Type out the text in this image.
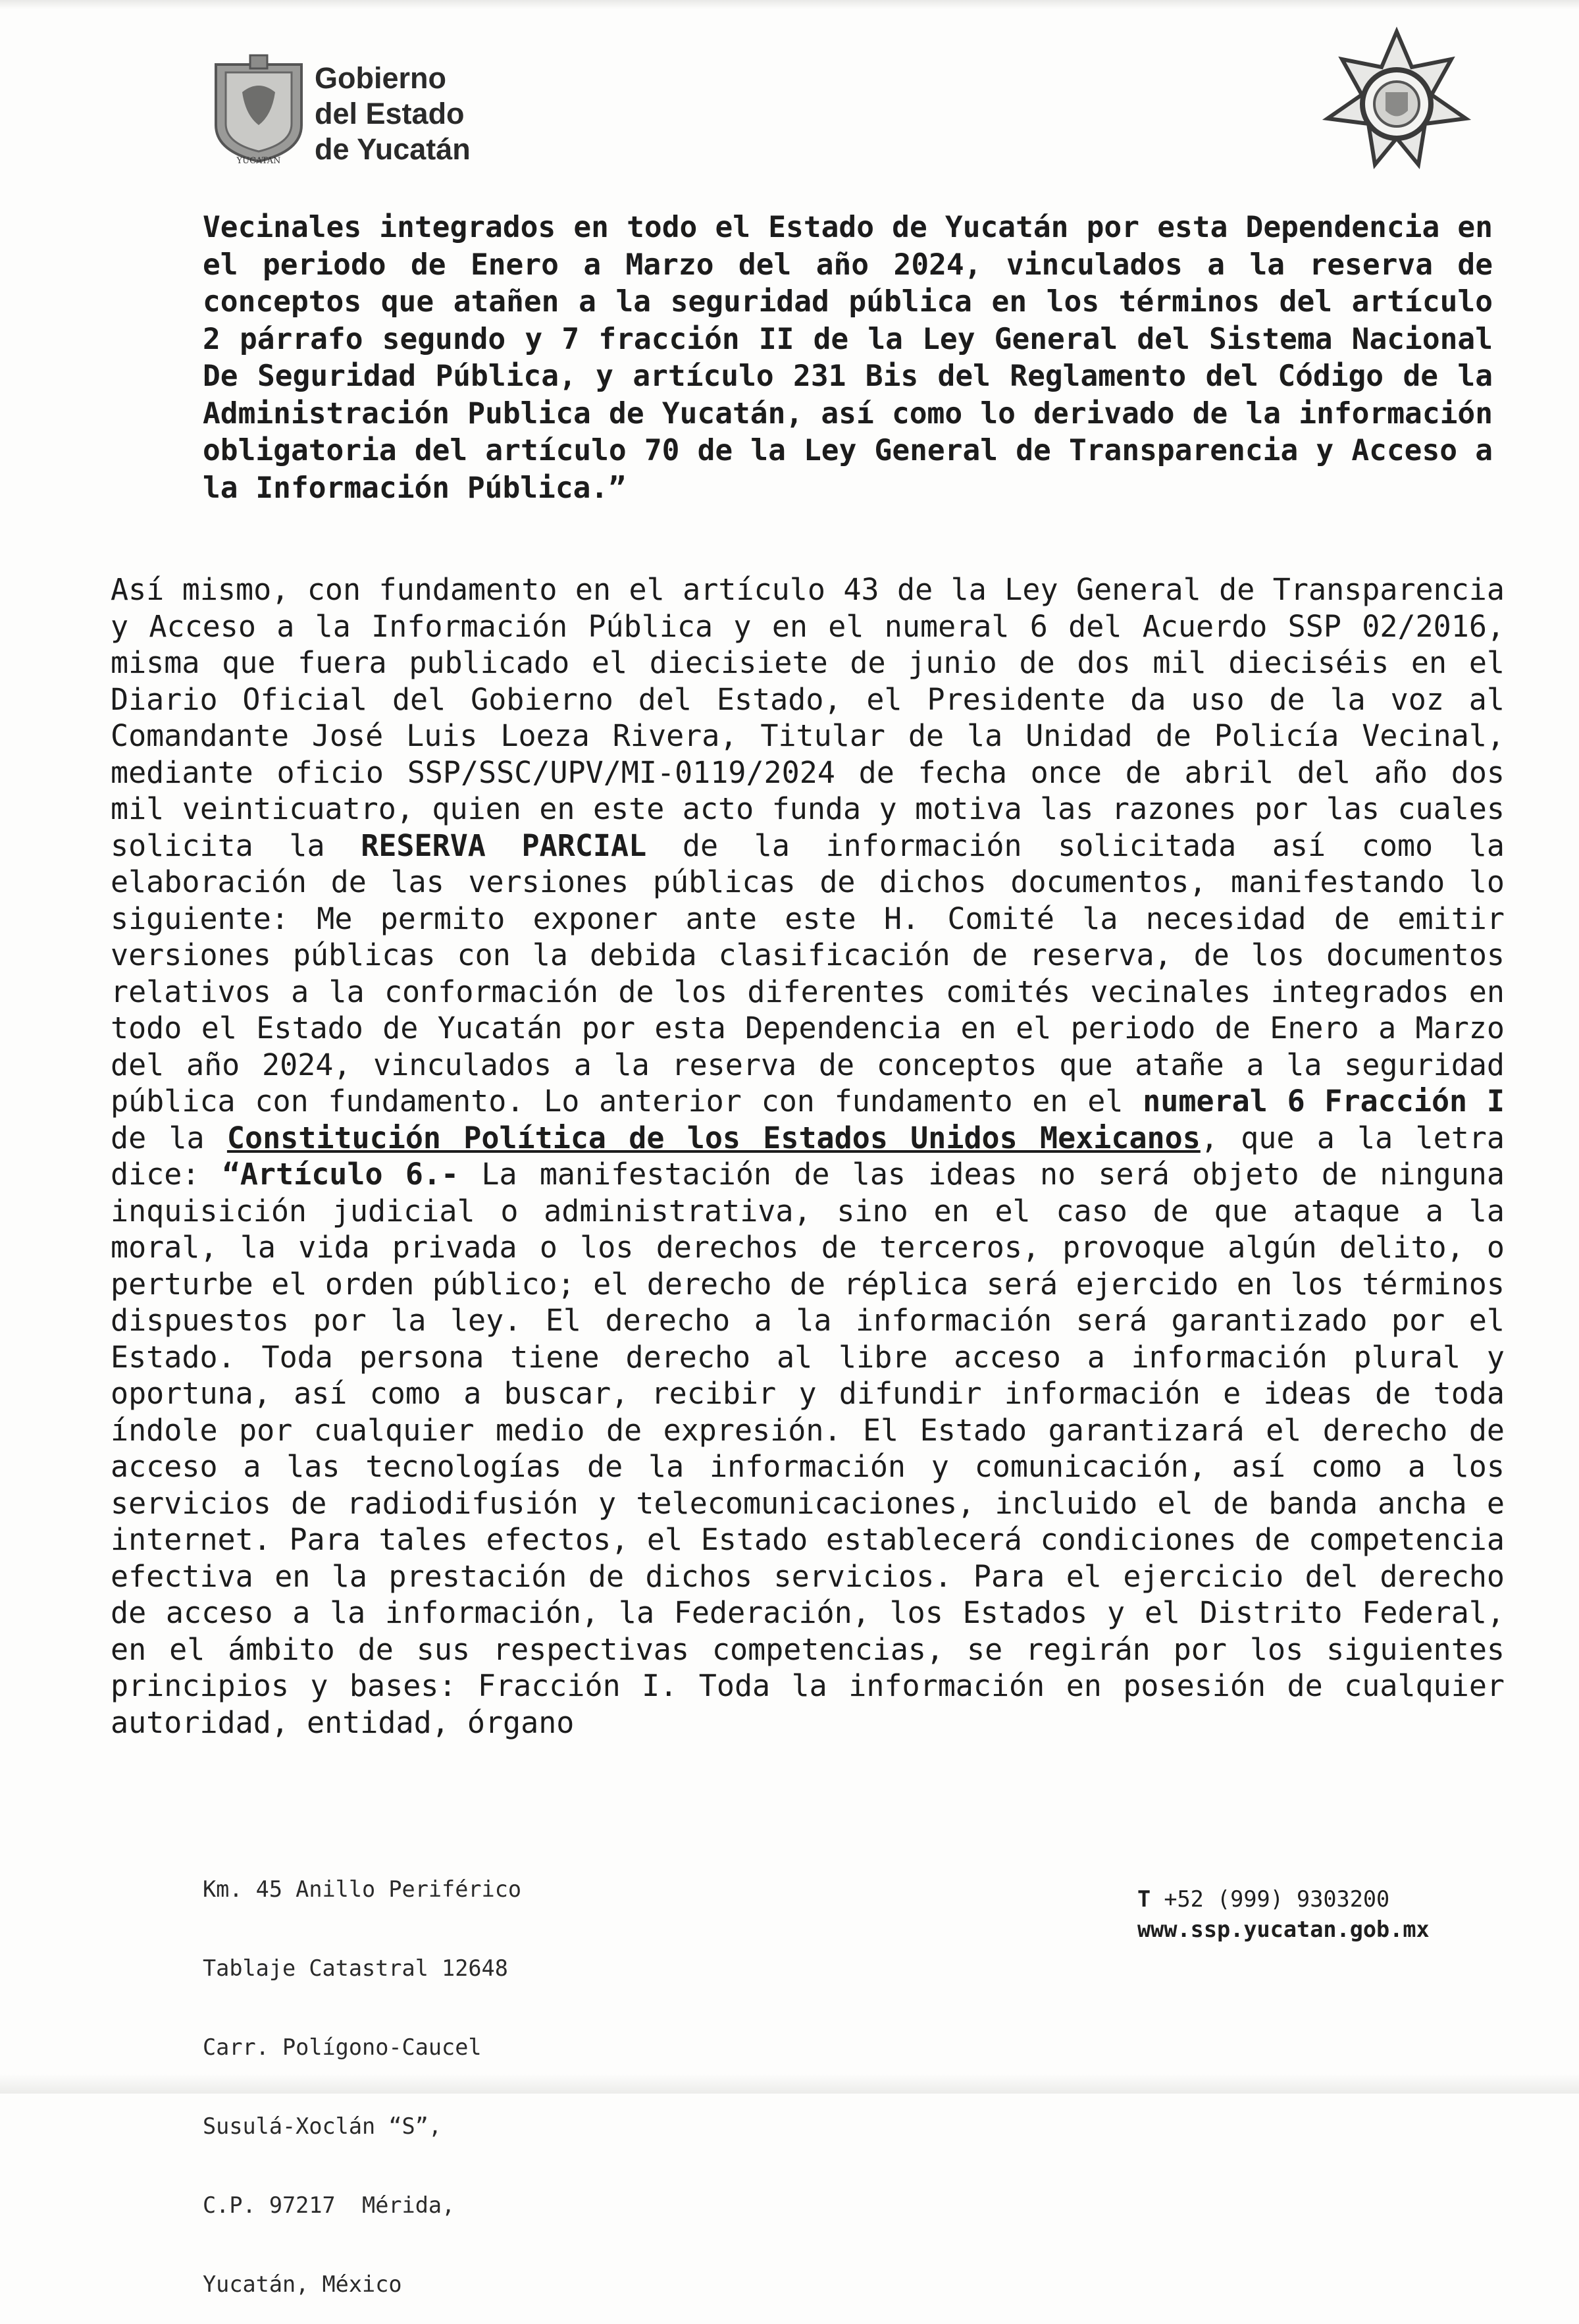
YUCATAN
Gobierno
del Estado
de Yucatán

Vecinales integrados en todo el Estado de Yucatán por esta Dependencia en el periodo de Enero a Marzo del año 2024, vinculados a la reserva de conceptos que atañen a la seguridad pública en los términos del artículo 2 párrafo segundo y 7 fracción II de la Ley General del Sistema Nacional De Seguridad Pública, y artículo 231 Bis del Reglamento del Código de la Administración Publica de Yucatán, así como lo derivado de la información obligatoria del artículo 70 de la Ley General de Transparencia y Acceso a la Información Pública.”

Así mismo, con fundamento en el artículo 43 de la Ley General de Transparencia y Acceso a la Información Pública y en el numeral 6 del Acuerdo SSP 02/2016, misma que fuera publicado el diecisiete de junio de dos mil dieciséis en el Diario Oficial del Gobierno del Estado, el Presidente da uso de la voz al Comandante José Luis Loeza Rivera, Titular de la Unidad de Policía Vecinal, mediante oficio SSP/SSC/UPV/MI-0119/2024 de fecha once de abril del año dos mil veinticuatro, quien en este acto funda y motiva las razones por las cuales solicita la RESERVA PARCIAL de la información solicitada así como la elaboración de las versiones públicas de dichos documentos, manifestando lo siguiente: Me permito exponer ante este H. Comité la necesidad de emitir versiones públicas con la debida clasificación de reserva, de los documentos relativos a la conformación de los diferentes comités vecinales integrados en todo el Estado de Yucatán por esta Dependencia en el periodo de Enero a Marzo del año 2024, vinculados a la reserva de conceptos que atañe a la seguridad pública con fundamento. Lo anterior con fundamento en el numeral 6 Fracción I de la Constitución Política de los Estados Unidos Mexicanos, que a la letra dice: “Artículo 6.- La manifestación de las ideas no será objeto de ninguna inquisición judicial o administrativa, sino en el caso de que ataque a la moral, la vida privada o los derechos de terceros, provoque algún delito, o perturbe el orden público; el derecho de réplica será ejercido en los términos dispuestos por la ley. El derecho a la información será garantizado por el Estado. Toda persona tiene derecho al libre acceso a información plural y oportuna, así como a buscar, recibir y difundir información e ideas de toda índole por cualquier medio de expresión. El Estado garantizará el derecho de acceso a las tecnologías de la información y comunicación, así como a los servicios de radiodifusión y telecomunicaciones, incluido el de banda ancha e internet. Para tales efectos, el Estado establecerá condiciones de competencia efectiva en la prestación de dichos servicios. Para el ejercicio del derecho de acceso a la información, la Federación, los Estados y el Distrito Federal, en el ámbito de sus respectivas competencias, se regirán por los siguientes principios y bases: Fracción I. Toda la información en posesión de cualquier autoridad, entidad, órgano

Km. 45 Anillo Periférico

Tablaje Catastral 12648

Carr. Polígono-Caucel

Susulá-Xoclán “S”,

C.P. 97217  Mérida,

Yucatán, México

T +52 (999) 9303200
www.ssp.yucatan.gob.mx
